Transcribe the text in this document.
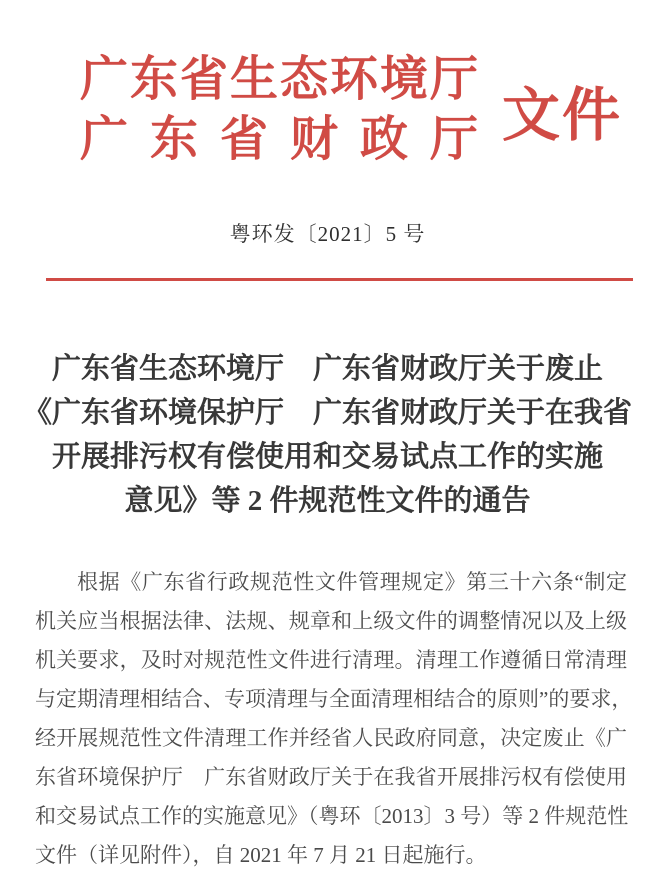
广东省生态环境厅
广东省财政厅 文件
粤环发〔2021〕5 号
广东省生态环境厅　广东省财政厅关于废止
《广东省环境保护厅　广东省财政厅关于在我省
开展排污权有偿使用和交易试点工作的实施
意见》等 2 件规范性文件的通告
根据《广东省行政规范性文件管理规定》第三十六条“制定
机关应当根据法律、法规、规章和上级文件的调整情况以及上级
机关要求，及时对规范性文件进行清理。清理工作遵循日常清理
与定期清理相结合、专项清理与全面清理相结合的原则”的要求，
经开展规范性文件清理工作并经省人民政府同意，决定废止《广
东省环境保护厅　广东省财政厅关于在我省开展排污权有偿使用
和交易试点工作的实施意见》（粤环〔2013〕3 号）等 2 件规范性
文件（详见附件），自 2021 年 7 月 21 日起施行。
